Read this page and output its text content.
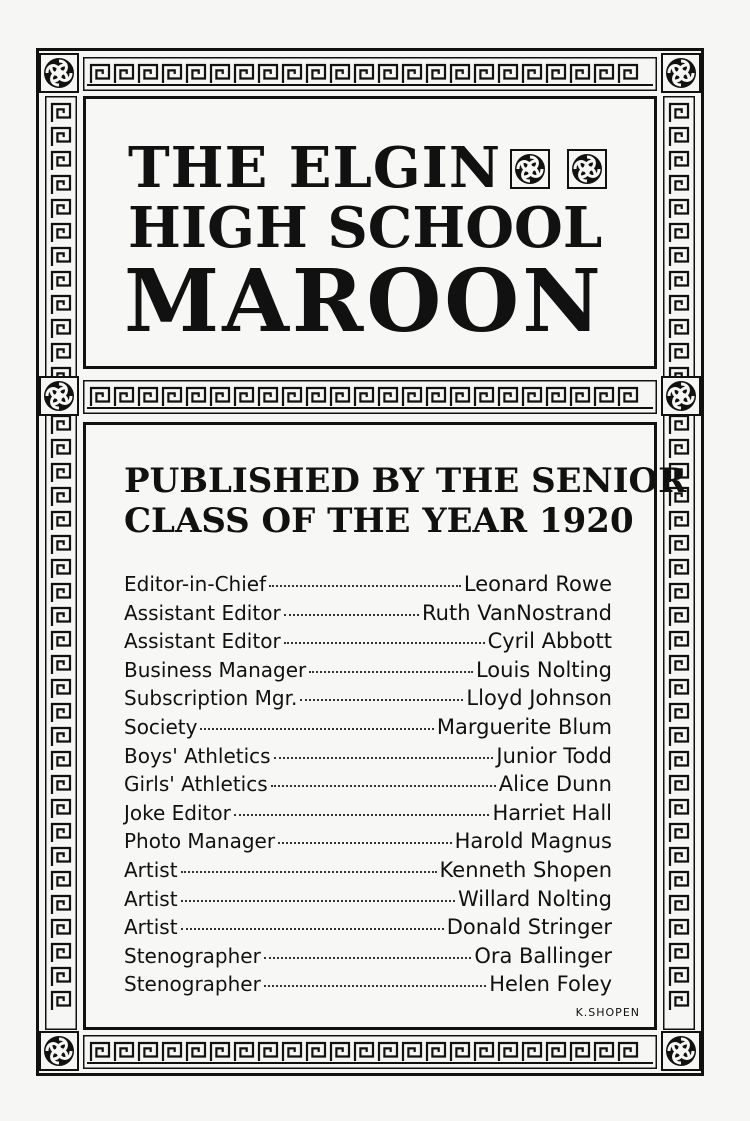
THE ELGIN

HIGH SCHOOL
MAROON
PUBLISHED BY THE SENIOR
CLASS OF THE YEAR 1920
Editor-in-Chief	Leonard Rowe
Assistant Editor	Ruth VanNostrand
Assistant Editor	Cyril Abbott
Business Manager	Louis Nolting
Subscription Mgr.	Lloyd Johnson
Society	Marguerite Blum
Boys' Athletics	Junior Todd
Girls' Athletics	Alice Dunn
Joke Editor	Harriet Hall
Photo Manager	Harold Magnus
Artist	Kenneth Shopen
Artist	Willard Nolting
Artist	Donald Stringer
Stenographer	Ora Ballinger
Stenographer	Helen Foley
K.SHOPEN
